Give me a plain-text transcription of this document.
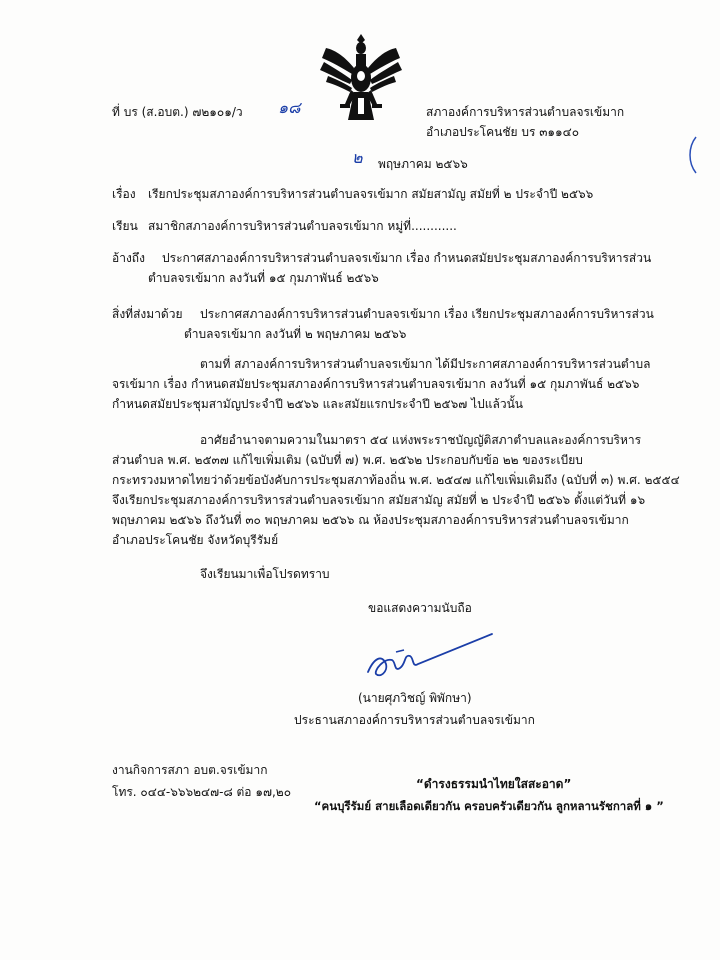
ที่ บร (ส.อบต.) ๗๒๑๐๑/ว ๑๘	สภาองค์การบริหารส่วนตำบลจรเข้มาก
อำเภอประโคนชัย บร ๓๑๑๔๐
๒ พฤษภาคม ๒๕๖๖
เรื่อง เรียกประชุมสภาองค์การบริหารส่วนตำบลจรเข้มาก สมัยสามัญ สมัยที่ ๒ ประจำปี ๒๕๖๖
เรียน สมาชิกสภาองค์การบริหารส่วนตำบลจรเข้มาก หมู่ที่............
อ้างถึง ประกาศสภาองค์การบริหารส่วนตำบลจรเข้มาก เรื่อง กำหนดสมัยประชุมสภาองค์การบริหารส่วน
ตำบลจรเข้มาก ลงวันที่ ๑๕ กุมภาพันธ์ ๒๕๖๖
สิ่งที่ส่งมาด้วย ประกาศสภาองค์การบริหารส่วนตำบลจรเข้มาก เรื่อง เรียกประชุมสภาองค์การบริหารส่วน
ตำบลจรเข้มาก ลงวันที่ ๒ พฤษภาคม ๒๕๖๖
ตามที่ สภาองค์การบริหารส่วนตำบลจรเข้มาก ได้มีประกาศสภาองค์การบริหารส่วนตำบล
จรเข้มาก เรื่อง กำหนดสมัยประชุมสภาองค์การบริหารส่วนตำบลจรเข้มาก ลงวันที่ ๑๕ กุมภาพันธ์ ๒๕๖๖
กำหนดสมัยประชุมสามัญประจำปี ๒๕๖๖ และสมัยแรกประจำปี ๒๕๖๗ ไปแล้วนั้น
อาศัยอำนาจตามความในมาตรา ๕๔ แห่งพระราชบัญญัติสภาตำบลและองค์การบริหาร
ส่วนตำบล พ.ศ. ๒๕๓๗ แก้ไขเพิ่มเติม (ฉบับที่ ๗) พ.ศ. ๒๕๖๒ ประกอบกับข้อ ๒๒ ของระเบียบ
กระทรวงมหาดไทยว่าด้วยข้อบังคับการประชุมสภาท้องถิ่น พ.ศ. ๒๕๔๗ แก้ไขเพิ่มเติมถึง (ฉบับที่ ๓) พ.ศ. ๒๕๕๔
จึงเรียกประชุมสภาองค์การบริหารส่วนตำบลจรเข้มาก สมัยสามัญ สมัยที่ ๒ ประจำปี ๒๕๖๖ ตั้งแต่วันที่ ๑๖
พฤษภาคม ๒๕๖๖ ถึงวันที่ ๓๐ พฤษภาคม ๒๕๖๖ ณ ห้องประชุมสภาองค์การบริหารส่วนตำบลจรเข้มาก
อำเภอประโคนชัย จังหวัดบุรีรัมย์
จึงเรียนมาเพื่อโปรดทราบ
ขอแสดงความนับถือ
(นายศุภวิชญ์ พิพักษา)
ประธานสภาองค์การบริหารส่วนตำบลจรเข้มาก
งานกิจการสภา อบต.จรเข้มาก
โทร. ๐๔๔-๖๖๖๒๔๗-๘ ต่อ ๑๗,๒๐
“ดำรงธรรมนำไทยใสสะอาด”
“คนบุรีรัมย์ สายเลือดเดียวกัน ครอบครัวเดียวกัน ลูกหลานรัชกาลที่ ๑ ”
